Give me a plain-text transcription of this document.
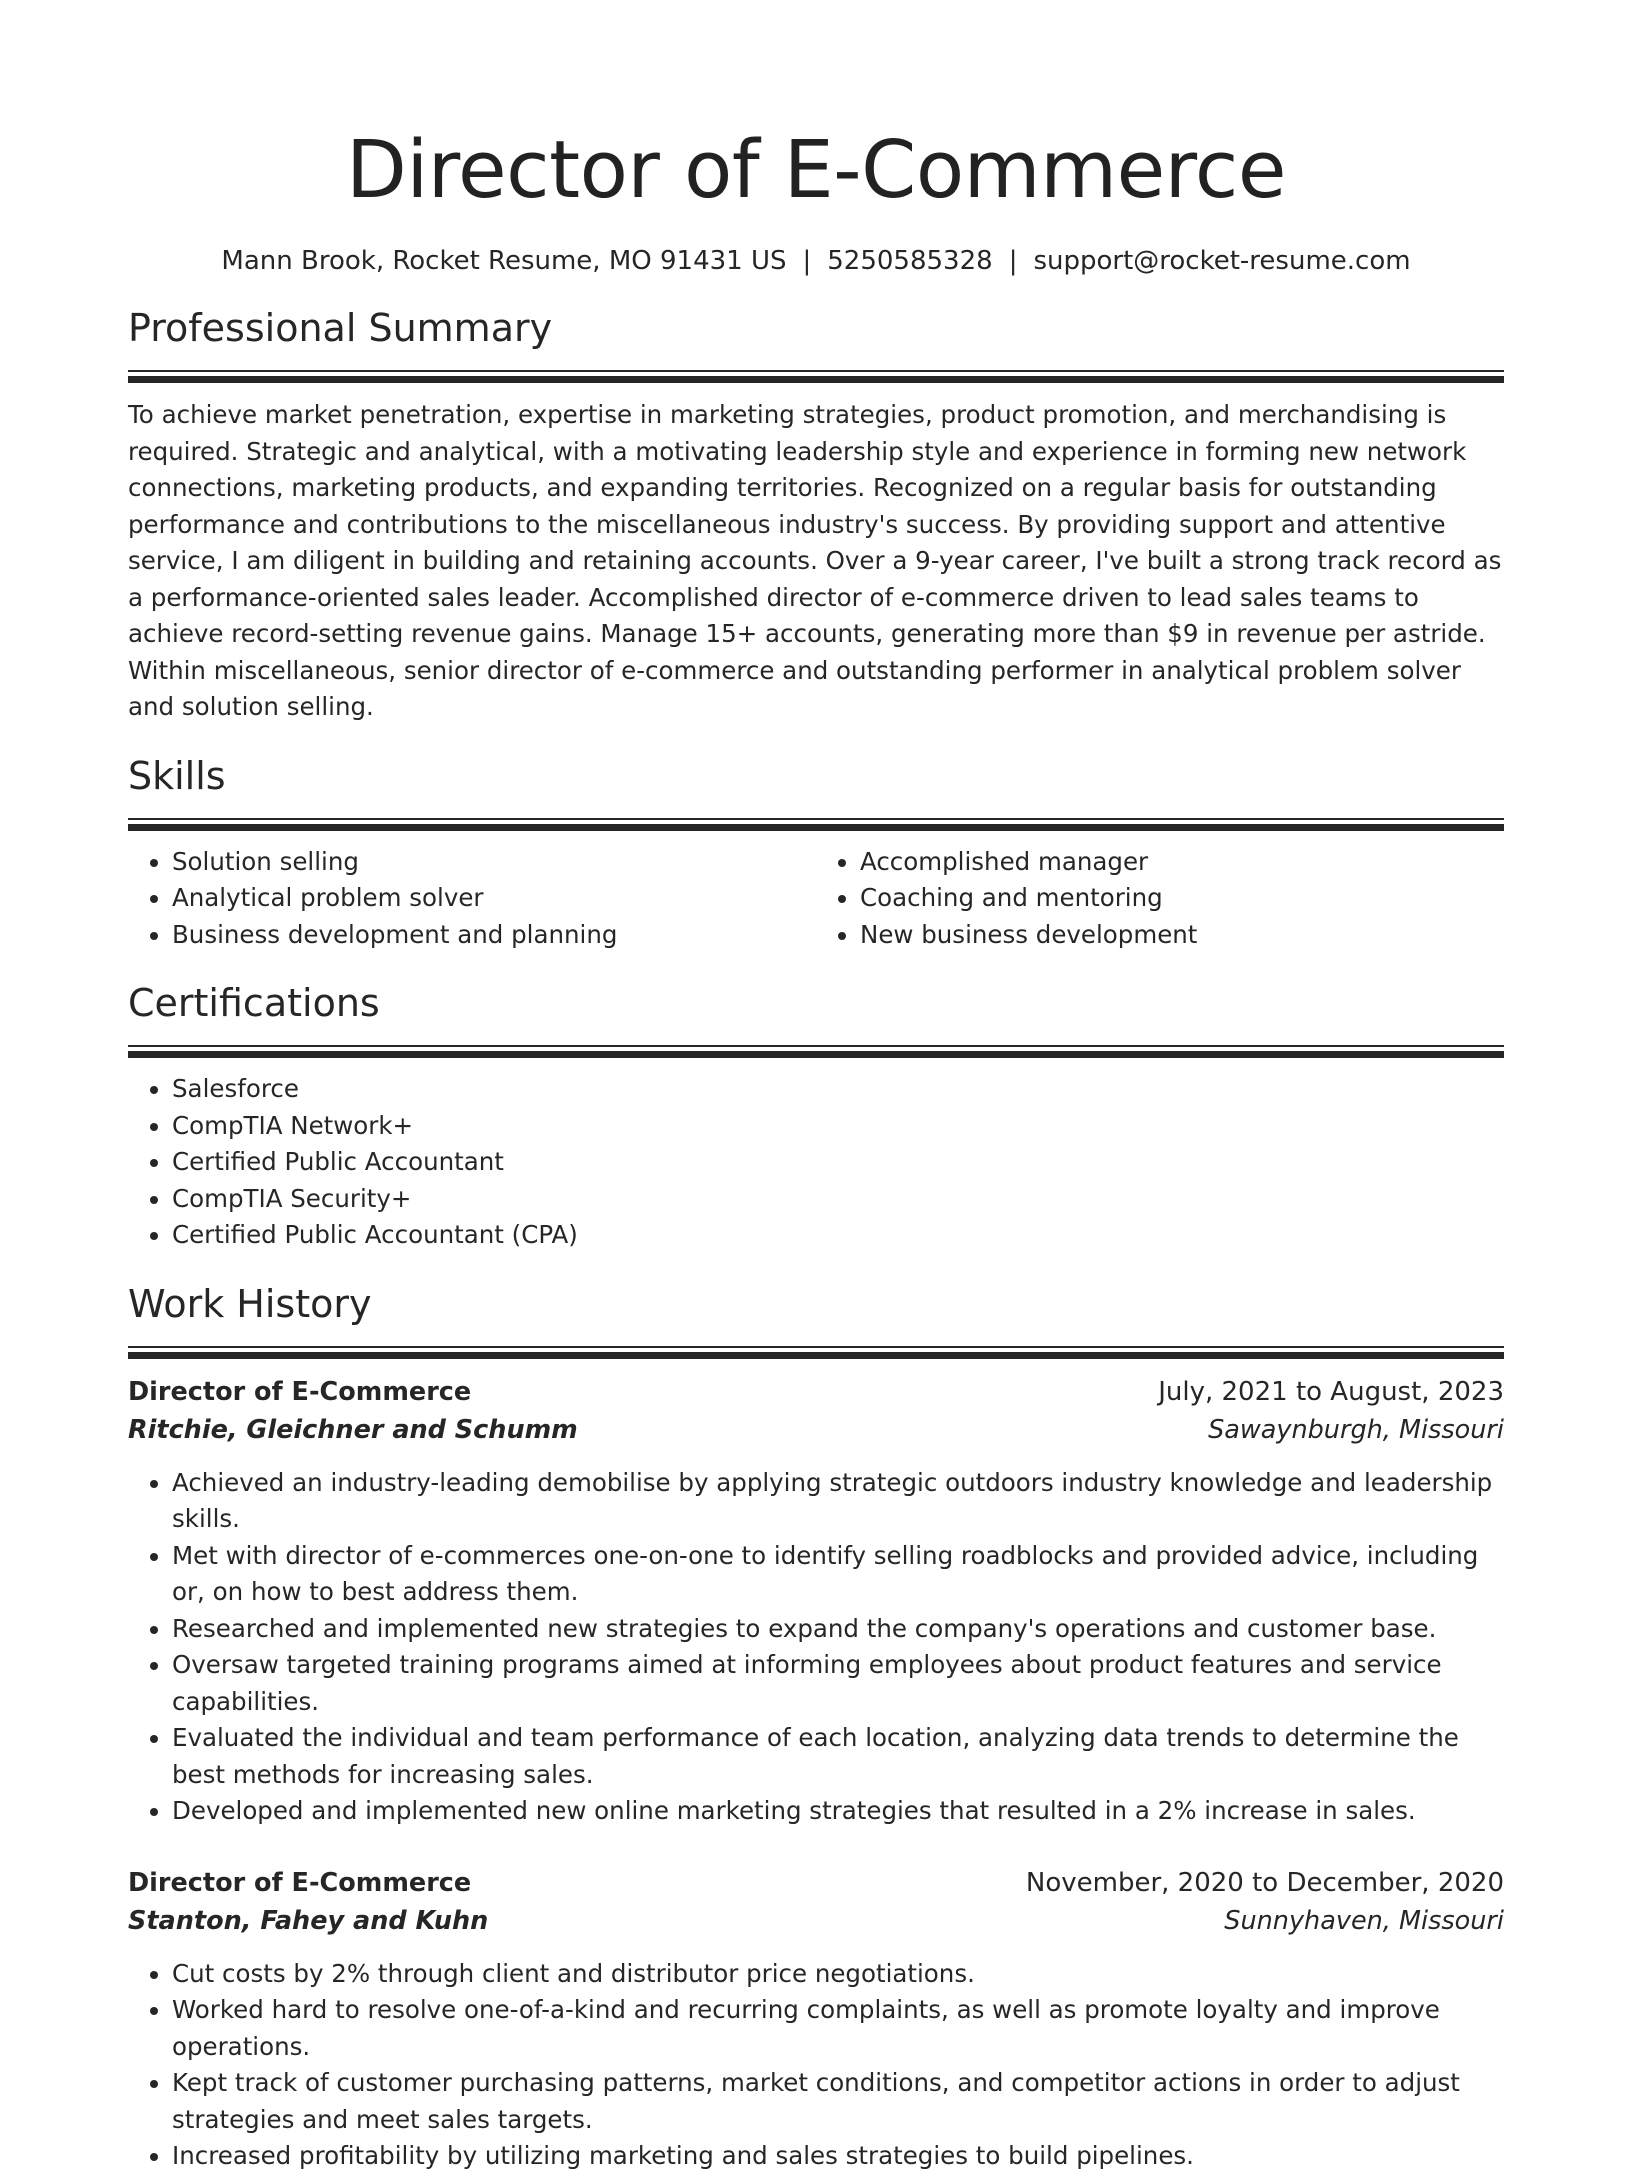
Director of E-Commerce
Mann Brook, Rocket Resume, MO 91431 US | 5250585328 | support@rocket-resume.com
Professional Summary

To achieve market penetration, expertise in marketing strategies, product promotion, and merchandising is required. Strategic and analytical, with a motivating leadership style and experience in forming new network connections, marketing products, and expanding territories. Recognized on a regular basis for outstanding performance and contributions to the miscellaneous industry's success. By providing support and attentive service, I am diligent in building and retaining accounts. Over a 9-year career, I've built a strong track record as a performance-oriented sales leader. Accomplished director of e-commerce driven to lead sales teams to achieve record-setting revenue gains. Manage 15+ accounts, generating more than $9 in revenue per astride. Within miscellaneous, senior director of e-commerce and outstanding performer in analytical problem solver and solution selling.

Skills
• Solution selling
• Analytical problem solver
• Business development and planning
• Accomplished manager
• Coaching and mentoring
• New business development
Certifications
• Salesforce
• CompTIA Network+
• Certified Public Accountant
• CompTIA Security+
• Certified Public Accountant (CPA)
Work History
Director of E-Commerce	July, 2021 to August, 2023
Ritchie, Gleichner and Schumm	Sawaynburgh, Missouri
• Achieved an industry-leading demobilise by applying strategic outdoors industry knowledge and leadership skills.
• Met with director of e-commerces one-on-one to identify selling roadblocks and provided advice, including or, on how to best address them.
• Researched and implemented new strategies to expand the company's operations and customer base.
• Oversaw targeted training programs aimed at informing employees about product features and service capabilities.
• Evaluated the individual and team performance of each location, analyzing data trends to determine the best methods for increasing sales.
• Developed and implemented new online marketing strategies that resulted in a 2% increase in sales.
Director of E-Commerce	November, 2020 to December, 2020
Stanton, Fahey and Kuhn	Sunnyhaven, Missouri
• Cut costs by 2% through client and distributor price negotiations.
• Worked hard to resolve one-of-a-kind and recurring complaints, as well as promote loyalty and improve operations.
• Kept track of customer purchasing patterns, market conditions, and competitor actions in order to adjust strategies and meet sales targets.
• Increased profitability by utilizing marketing and sales strategies to build pipelines.
